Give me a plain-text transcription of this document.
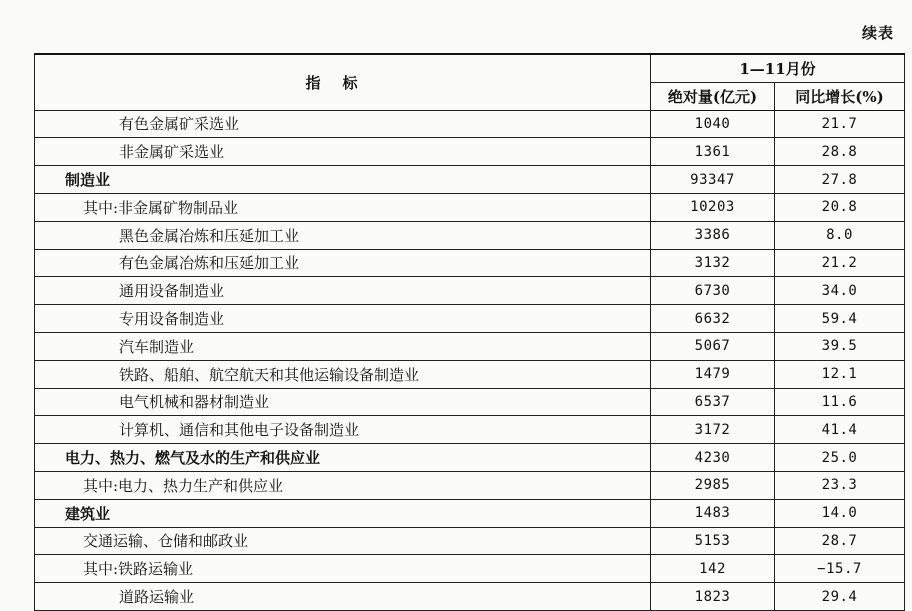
续表
指标	1—11月份	
	绝对量(亿元)	同比增长(%)
有色金属矿采选业	1040	21.7
非金属矿采选业	1361	28.8
制造业	93347	27.8
其中:非金属矿物制品业	10203	20.8
黑色金属冶炼和压延加工业	3386	8.0
有色金属冶炼和压延加工业	3132	21.2
通用设备制造业	6730	34.0
专用设备制造业	6632	59.4
汽车制造业	5067	39.5
铁路、船舶、航空航天和其他运输设备制造业	1479	12.1
电气机械和器材制造业	6537	11.6
计算机、通信和其他电子设备制造业	3172	41.4
电力、热力、燃气及水的生产和供应业	4230	25.0
其中:电力、热力生产和供应业	2985	23.3
建筑业	1483	14.0
交通运输、仓储和邮政业	5153	28.7
其中:铁路运输业	142	−15.7
道路运输业	1823	29.4
